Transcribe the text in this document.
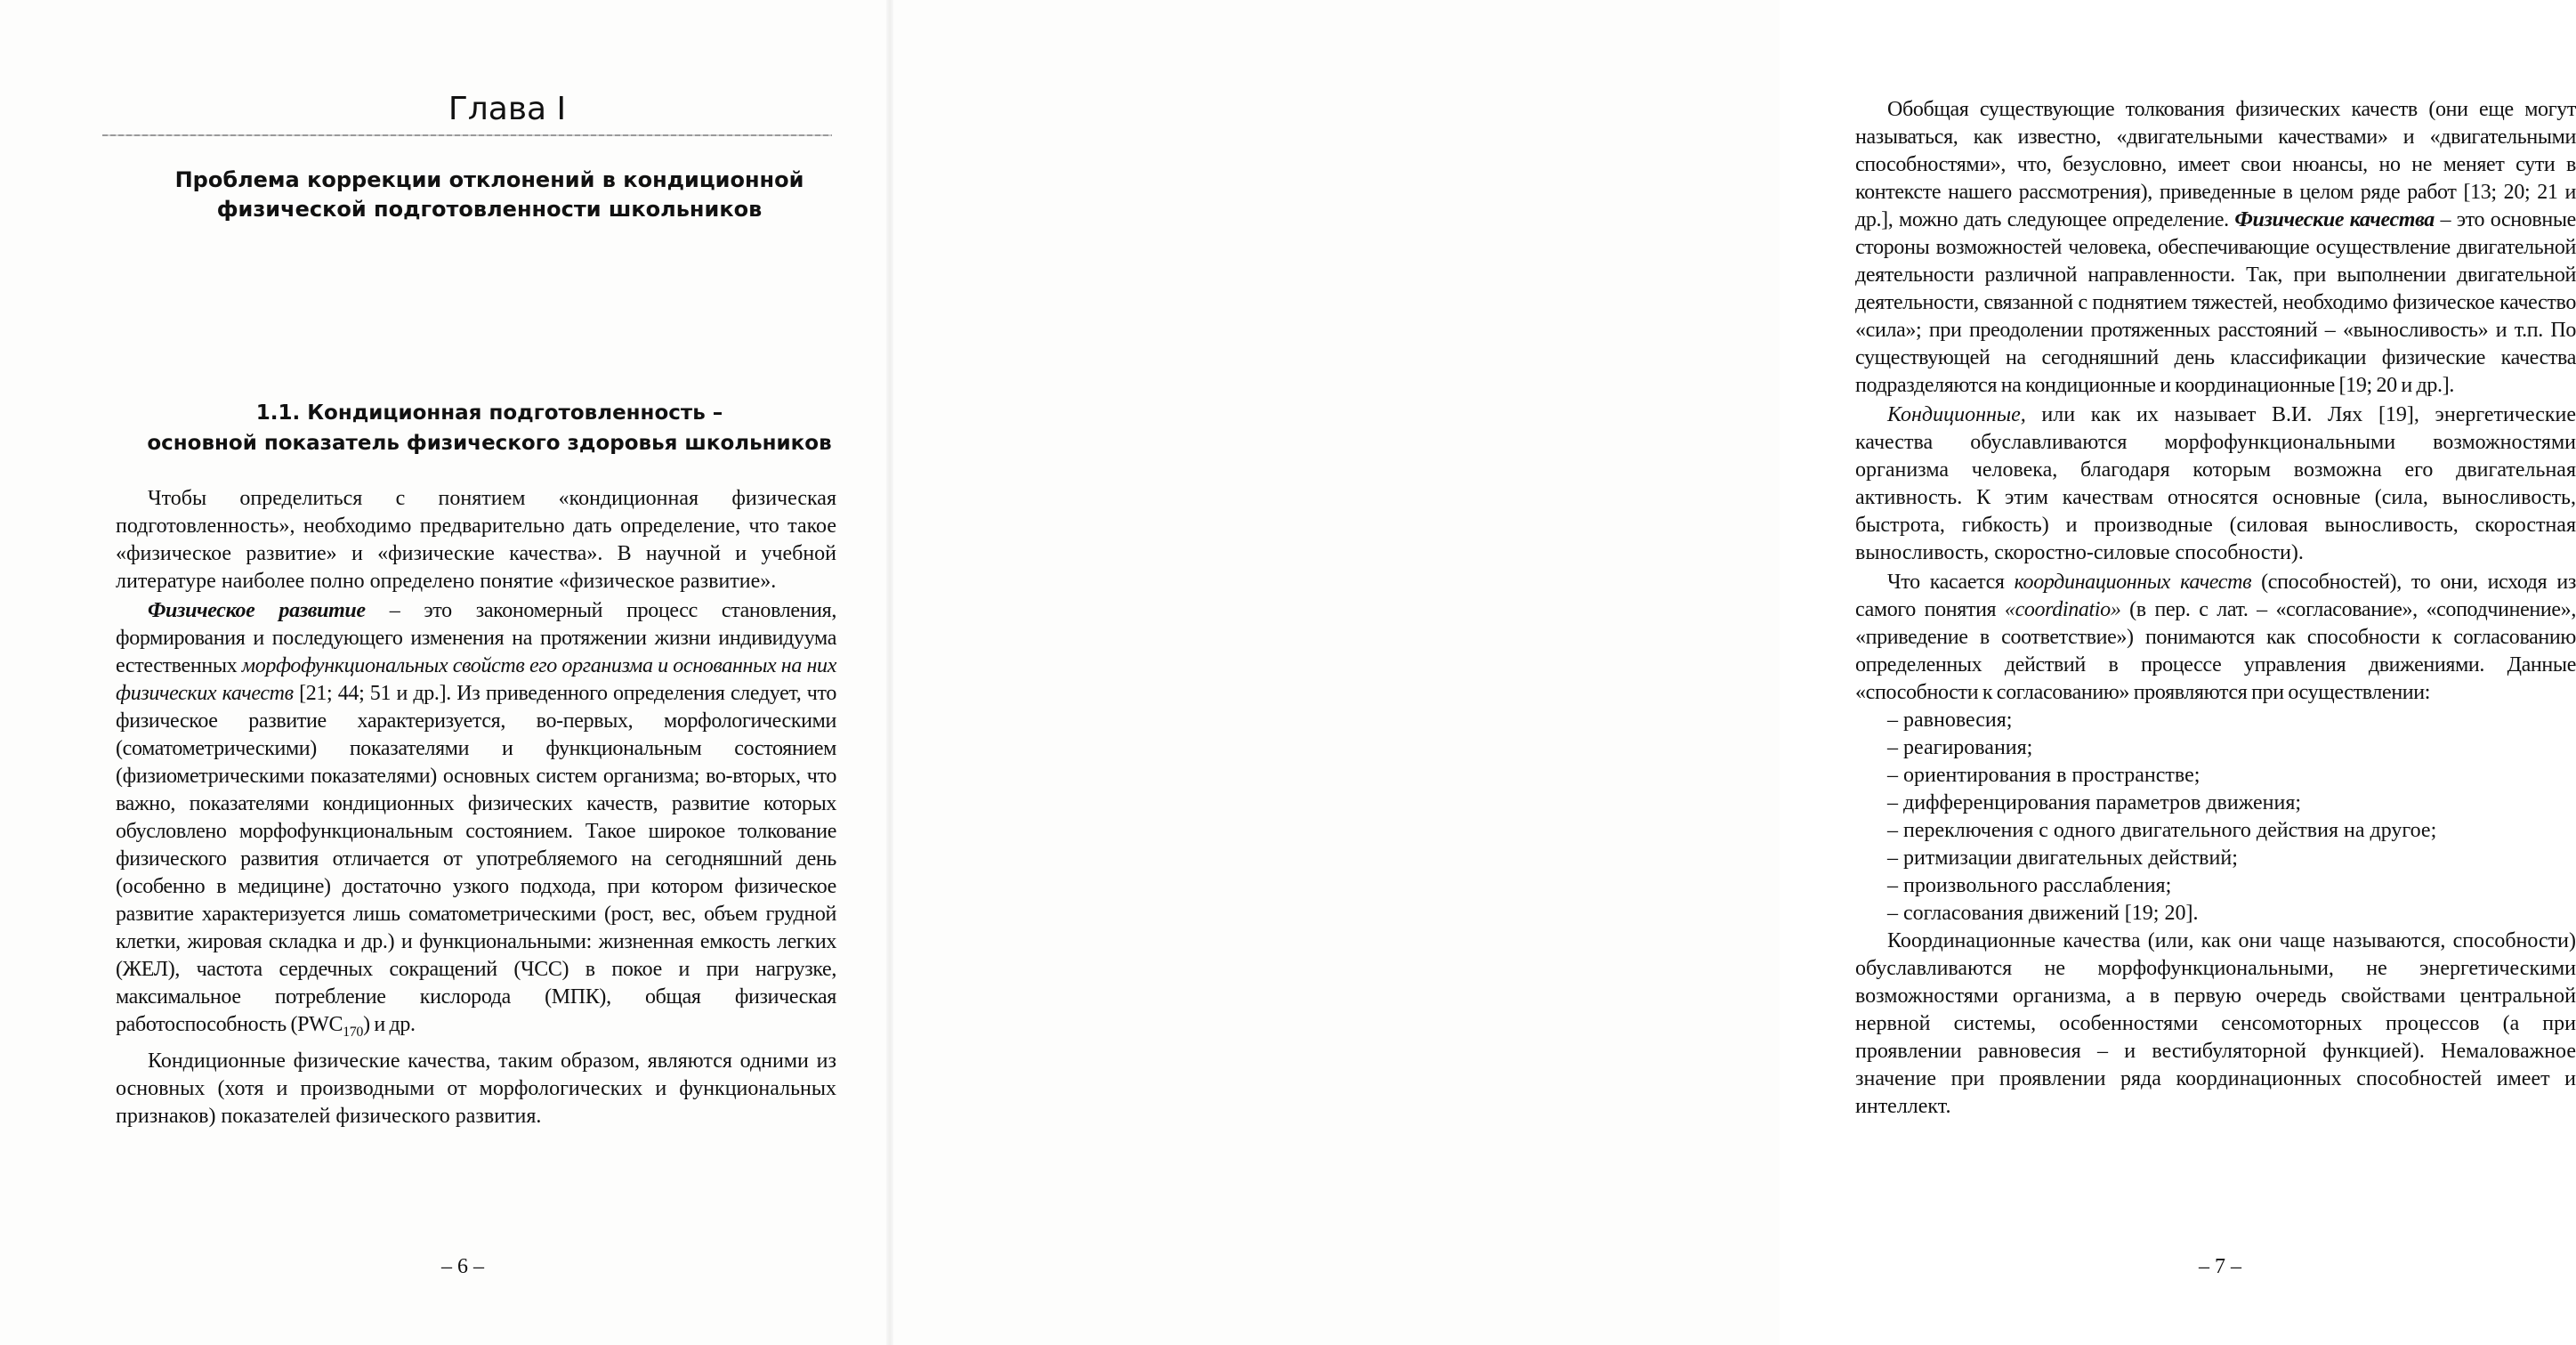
Глава I
Проблема коррекции отклонений в кондиционной
физической подготовленности школьников
1.1. Кондиционная подготовленность –
основной показатель физического здоровья школьников

Чтобы определиться с понятием «кондиционная физическая подготовленность», необходимо предварительно дать определение, что такое «физическое развитие» и «физические качества». В научной и учебной литературе наиболее полно определено понятие «физическое развитие».

Физическое развитие – это закономерный процесс становления, формирования и последующего изменения на протяжении жизни индивидуума естественных морфофункциональных свойств его организма и основанных на них физических качеств [21; 44; 51 и др.]. Из приведенного определения следует, что физическое развитие характеризуется, во-первых, морфологическими (соматометрическими) показателями и функциональным состоянием (физиометрическими показателями) основных систем организма; во-вторых, что важно, показателями кондиционных физических качеств, развитие которых обусловлено морфофункциональным состоянием. Такое широкое толкование физического развития отличается от употребляемого на сегодняшний день (особенно в медицине) достаточно узкого подхода, при котором физическое развитие характеризуется лишь соматометрическими (рост, вес, объем грудной клетки, жировая складка и др.) и функциональными: жизненная емкость легких (ЖЕЛ), частота сердечных сокращений (ЧСС) в покое и при нагрузке, максимальное потребление кислорода (МПК), общая физическая работоспособность $(PWC_{170})$ и др.

Кондиционные физические качества, таким образом, являются одними из основных (хотя и производными от морфологических и функциональных признаков) показателей физического развития.

– 6 –

Обобщая существующие толкования физических качеств (они еще могут называться, как известно, «двигательными качествами» и «двигательными способностями», что, безусловно, имеет свои нюансы, но не меняет сути в контексте нашего рассмотрения), приведенные в целом ряде работ [13; 20; 21 и др.], можно дать следующее определение. Физические качества – это основные стороны возможностей человека, обеспечивающие осуществление двигательной деятельности различной направленности. Так, при выполнении двигательной деятельности, связанной с поднятием тяжестей, необходимо физическое качество «сила»; при преодолении протяженных расстояний – «выносливость» и т.п. По существующей на сегодняшний день классификации физические качества подразделяются на кондиционные и координационные [19; 20 и др.].

Кондиционные, или как их называет В.И. Лях [19], энергетические качества обуславливаются морфофункциональными возможностями организма человека, благодаря которым возможна его двигательная активность. К этим качествам относятся основные (сила, выносливость, быстрота, гибкость) и производные (силовая выносливость, скоростная выносливость, скоростно-силовые способности).

Что касается координационных качеств (способностей), то они, исходя из самого понятия «coordinatio» (в пер. с лат. – «согласование», «соподчинение», «приведение в соответствие») понимаются как способности к согласованию определенных действий в процессе управления движениями. Данные «способности к согласованию» проявляются при осуществлении:

– равновесия;
– реагирования;
– ориентирования в пространстве;
– дифференцирования параметров движения;
– переключения с одного двигательного действия на другое;
– ритмизации двигательных действий;
– произвольного расслабления;
– согласования движений [19; 20].

Координационные качества (или, как они чаще называются, способности) обуславливаются не морфофункциональными, не энергетическими возможностями организма, а в первую очередь свойствами центральной нервной системы, особенностями сенсомоторных процессов (а при проявлении равновесия – и вестибуляторной функцией). Немаловажное значение при проявлении ряда координационных способностей имеет и интеллект.

– 7 –
